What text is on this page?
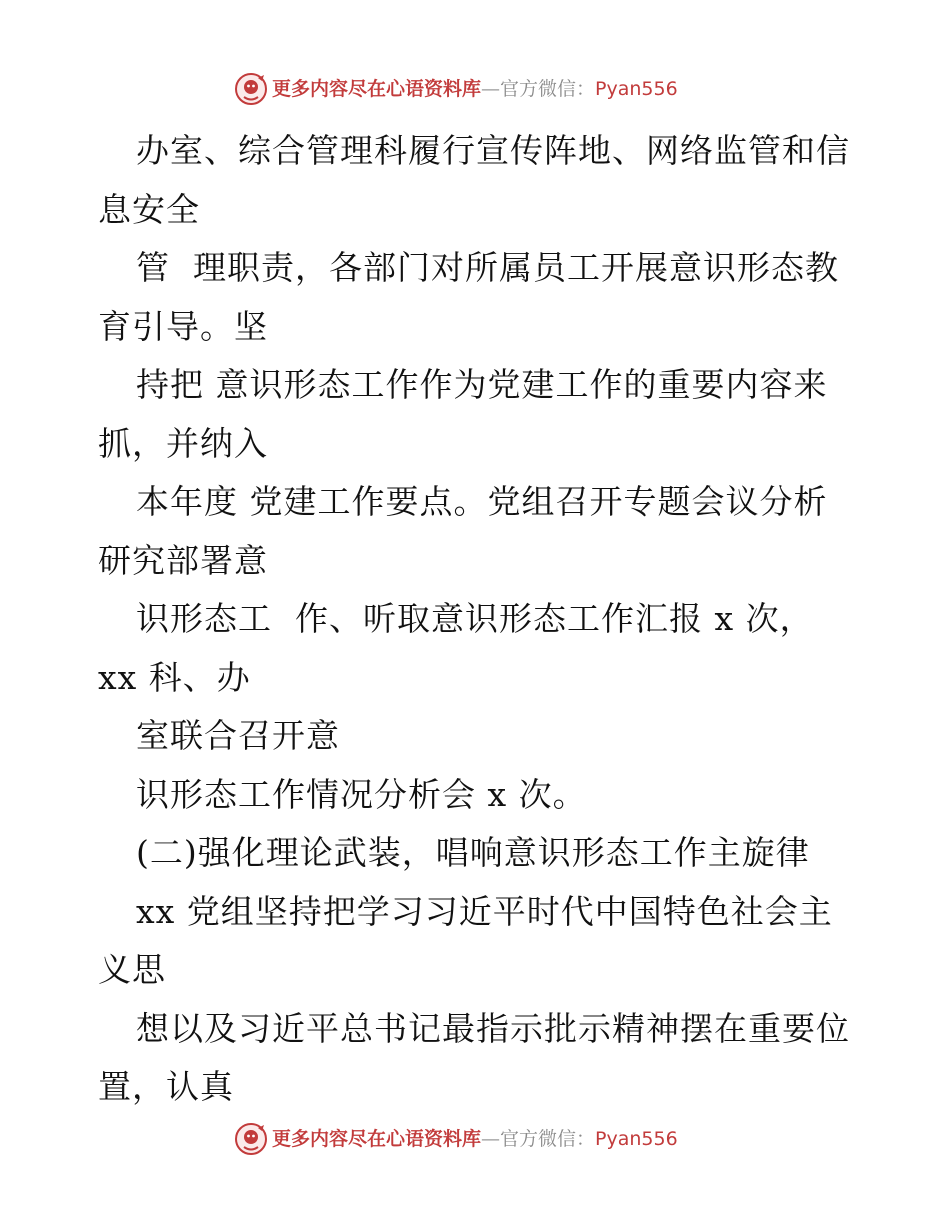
更多内容尽在心语资料库—官方微信：Pyan556
办室、综合管理科履行宣传阵地、网络监管和信
息安全
管  理职责，各部门对所属员工开展意识形态教
育引导。坚
持把 意识形态工作作为党建工作的重要内容来
抓，并纳入
本年度 党建工作要点。党组召开专题会议分析
研究部署意
识形态工  作、听取意识形态工作汇报 x 次，
xx 科、办
室联合召开意
识形态工作情况分析会 x 次。
(二)强化理论武装，唱响意识形态工作主旋律
xx 党组坚持把学习习近平时代中国特色社会主
义思
想以及习近平总书记最指示批示精神摆在重要位
置，认真
更多内容尽在心语资料库—官方微信：Pyan556
